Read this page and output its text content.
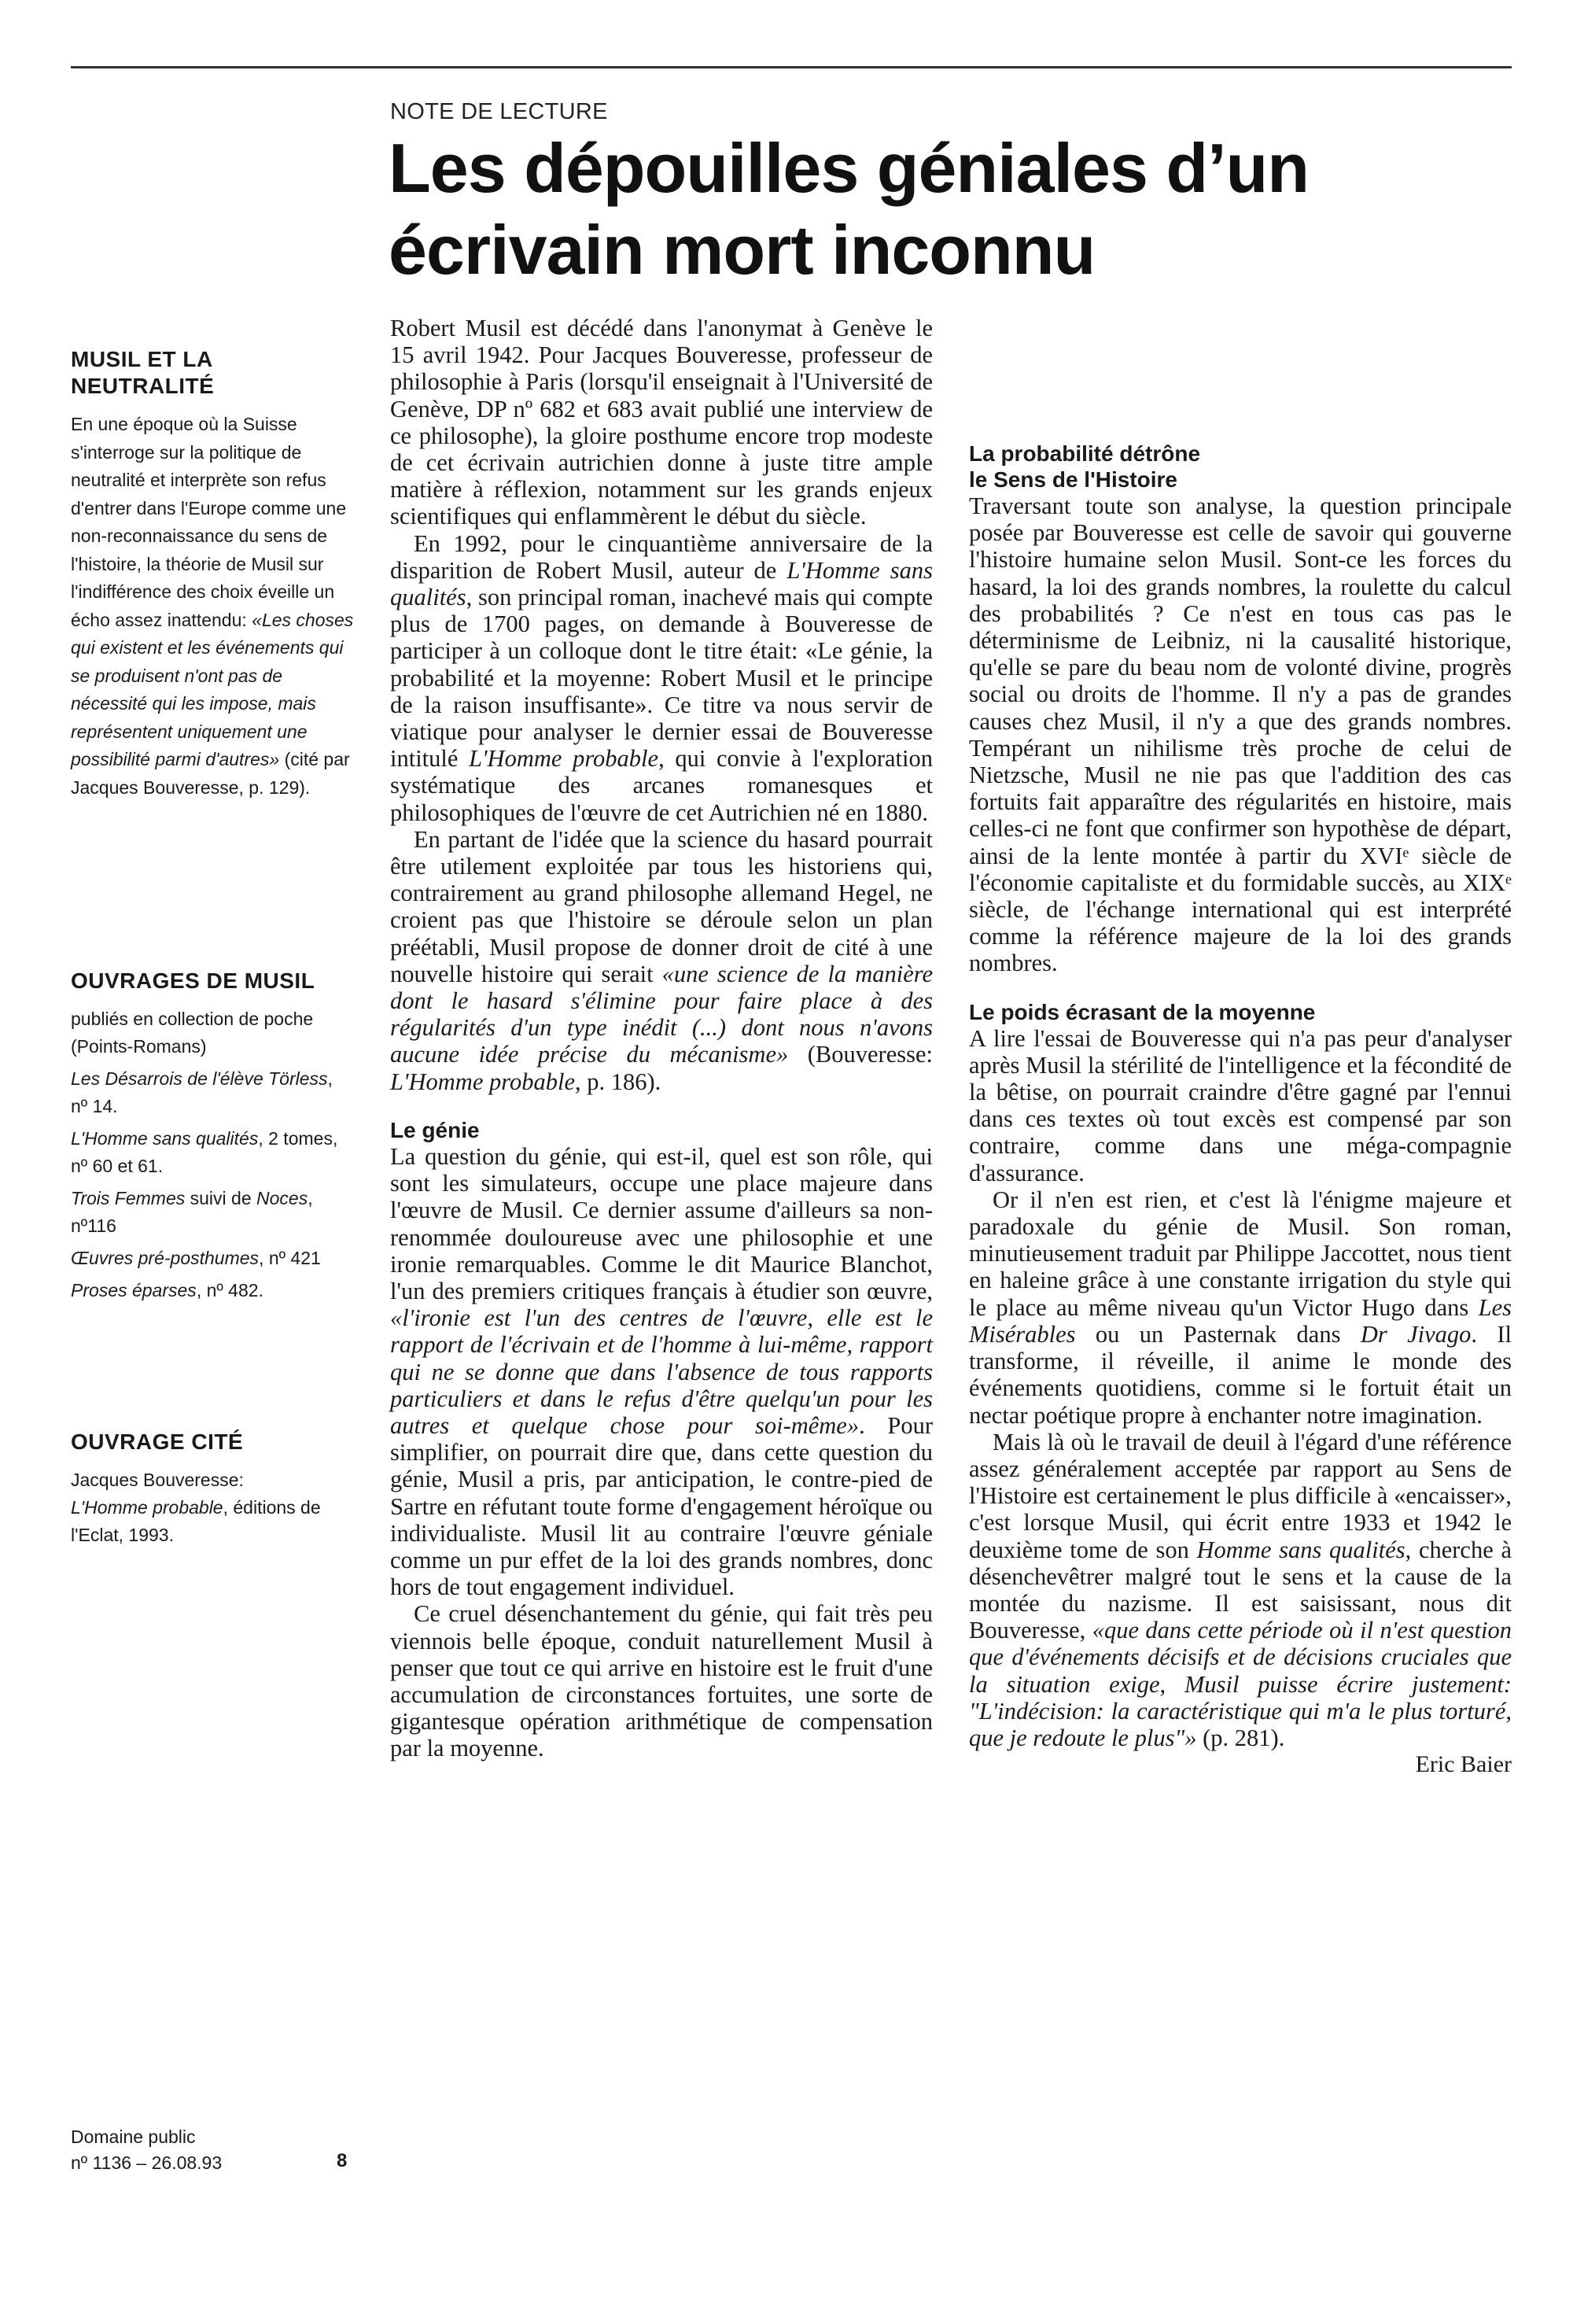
NOTE DE LECTURE
Les dépouilles géniales d’un
écrivain mort inconnu
MUSIL ET LA
NEUTRALITÉ

En une époque où la Suisse s'interroge sur la politique de neutralité et interprète son refus d'entrer dans l'Europe comme une non-reconnaissance du sens de l'histoire, la théorie de Musil sur l'indifférence des choix éveille un écho assez inattendu: «Les choses qui existent et les événements qui se produisent n'ont pas de nécessité qui les impose, mais représentent uniquement une possibilité parmi d'autres» (cité par Jacques Bouveresse, p. 129).

OUVRAGES DE MUSIL

publiés en collection de poche (Points-Romans)

Les Désarrois de l'élève Törless, nº 14.

L'Homme sans qualités, 2 tomes, nº 60 et 61.

Trois Femmes suivi de Noces, nº116

Œuvres pré-posthumes, nº 421

Proses éparses, nº 482.

OUVRAGE CITÉ

Jacques Bouveresse:
L'Homme probable, éditions de l'Eclat, 1993.

Domaine public
nº 1136 – 26.08.93	8

Robert Musil est décédé dans l'anonymat à Genève le 15 avril 1942. Pour Jacques Bouveresse, professeur de philosophie à Paris (lorsqu'il enseignait à l'Université de Genève, DP nº 682 et 683 avait publié une interview de ce philosophe), la gloire posthume encore trop modeste de cet écrivain autrichien donne à juste titre ample matière à réflexion, notamment sur les grands enjeux scientifiques qui enflammèrent le début du siècle.

En 1992, pour le cinquantième anniversaire de la disparition de Robert Musil, auteur de L'Homme sans qualités, son principal roman, inachevé mais qui compte plus de 1700 pages, on demande à Bouveresse de participer à un colloque dont le titre était: «Le génie, la probabilité et la moyenne: Robert Musil et le principe de la raison insuffisante». Ce titre va nous servir de viatique pour analyser le dernier essai de Bouveresse intitulé L'Homme probable, qui convie à l'exploration systématique des arcanes romanesques et philosophiques de l'œuvre de cet Autrichien né en 1880.

En partant de l'idée que la science du hasard pourrait être utilement exploitée par tous les historiens qui, contrairement au grand philosophe allemand Hegel, ne croient pas que l'histoire se déroule selon un plan préétabli, Musil propose de donner droit de cité à une nouvelle histoire qui serait «une science de la manière dont le hasard s'élimine pour faire place à des régularités d'un type inédit (...) dont nous n'avons aucune idée précise du mécanisme» (Bouveresse: L'Homme probable, p. 186).

Le génie

La question du génie, qui est-il, quel est son rôle, qui sont les simulateurs, occupe une place majeure dans l'œuvre de Musil. Ce dernier assume d'ailleurs sa non-renommée douloureuse avec une philosophie et une ironie remarquables. Comme le dit Maurice Blanchot, l'un des premiers critiques français à étudier son œuvre, «l'ironie est l'un des centres de l'œuvre, elle est le rapport de l'écrivain et de l'homme à lui-même, rapport qui ne se donne que dans l'absence de tous rapports particuliers et dans le refus d'être quelqu'un pour les autres et quelque chose pour soi-même». Pour simplifier, on pourrait dire que, dans cette question du génie, Musil a pris, par anticipation, le contre-pied de Sartre en réfutant toute forme d'engagement héroïque ou individualiste. Musil lit au contraire l'œuvre géniale comme un pur effet de la loi des grands nombres, donc hors de tout engagement individuel.

Ce cruel désenchantement du génie, qui fait très peu viennois belle époque, conduit naturellement Musil à penser que tout ce qui arrive en histoire est le fruit d'une accumulation de circonstances fortuites, une sorte de gigantesque opération arithmétique de compensation par la moyenne.

La probabilité détrône
le Sens de l'Histoire

Traversant toute son analyse, la question principale posée par Bouveresse est celle de savoir qui gouverne l'histoire humaine selon Musil. Sont-ce les forces du hasard, la loi des grands nombres, la roulette du calcul des probabilités ? Ce n'est en tous cas pas le déterminisme de Leibniz, ni la causalité historique, qu'elle se pare du beau nom de volonté divine, progrès social ou droits de l'homme. Il n'y a pas de grandes causes chez Musil, il n'y a que des grands nombres. Tempérant un nihilisme très proche de celui de Nietzsche, Musil ne nie pas que l'addition des cas fortuits fait apparaître des régularités en histoire, mais celles-ci ne font que confirmer son hypothèse de départ, ainsi de la lente montée à partir du XVIᵉ siècle de l'économie capitaliste et du formidable succès, au XIXᵉ siècle, de l'échange international qui est interprété comme la référence majeure de la loi des grands nombres.

Le poids écrasant de la moyenne

A lire l'essai de Bouveresse qui n'a pas peur d'analyser après Musil la stérilité de l'intelligence et la fécondité de la bêtise, on pourrait craindre d'être gagné par l'ennui dans ces textes où tout excès est compensé par son contraire, comme dans une méga-compagnie d'assurance.

Or il n'en est rien, et c'est là l'énigme majeure et paradoxale du génie de Musil. Son roman, minutieusement traduit par Philippe Jaccottet, nous tient en haleine grâce à une constante irrigation du style qui le place au même niveau qu'un Victor Hugo dans Les Misérables ou un Pasternak dans Dr Jivago. Il transforme, il réveille, il anime le monde des événements quotidiens, comme si le fortuit était un nectar poétique propre à enchanter notre imagination.

Mais là où le travail de deuil à l'égard d'une référence assez généralement acceptée par rapport au Sens de l'Histoire est certainement le plus difficile à «encaisser», c'est lorsque Musil, qui écrit entre 1933 et 1942 le deuxième tome de son Homme sans qualités, cherche à désenchevêtrer malgré tout le sens et la cause de la montée du nazisme. Il est saisissant, nous dit Bouveresse, «que dans cette période où il n'est question que d'événements décisifs et de décisions cruciales que la situation exige, Musil puisse écrire justement: "L'indécision: la caractéristique qui m'a le plus torturé, que je redoute le plus"» (p. 281).

Eric Baier
